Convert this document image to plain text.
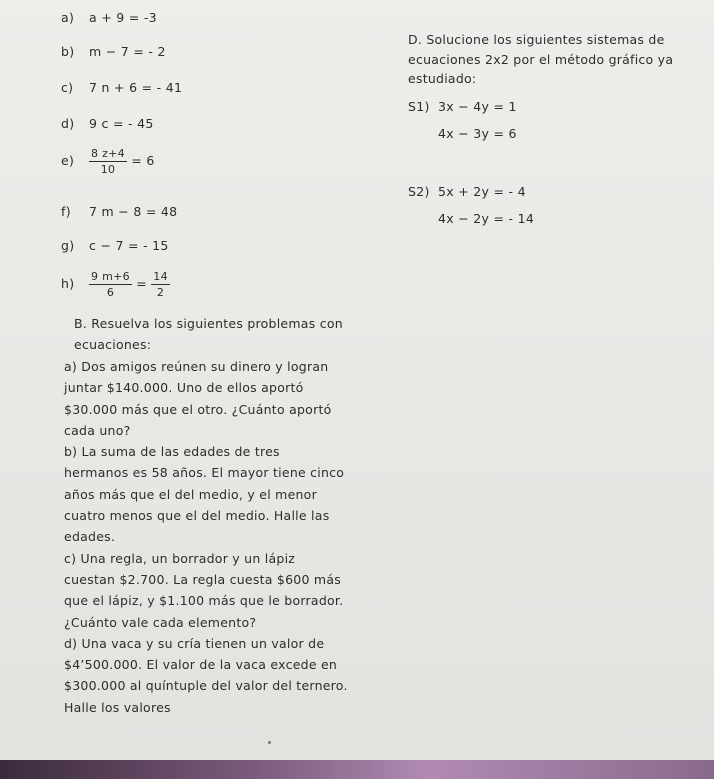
a) a + 9 = -3
b) m − 7 = - 2
c) 7 n + 6 = - 41
d) 9 c = - 45
$e) \frac{8 z+4}{10} = 6$
f) 7 m − 8 = 48
g) c − 7 = - 15
$h) \frac{9 m+6}{6} = \frac{14}{2}$
B. Resuelva los siguientes problemas con
ecuaciones:
a) Dos amigos reúnen su dinero y logran
juntar $140.000. Uno de ellos aportó
$30.000 más que el otro. ¿Cuánto aportó
cada uno?
b) La suma de las edades de tres
hermanos es 58 años. El mayor tiene cinco
años más que el del medio, y el menor
cuatro menos que el del medio. Halle las
edades.
c) Una regla, un borrador y un lápiz
cuestan $2.700. La regla cuesta $600 más
que el lápiz, y $1.100 más que le borrador.
¿Cuánto vale cada elemento?
d) Una vaca y su cría tienen un valor de
$4’500.000. El valor de la vaca excede en
$300.000 al quíntuple del valor del ternero.
Halle los valores
D. Solucione los siguientes sistemas de
ecuaciones 2x2 por el método gráfico ya
estudiado:
S1) 3x − 4y = 1
4x − 3y = 6
S2) 5x + 2y = - 4
4x − 2y = - 14
